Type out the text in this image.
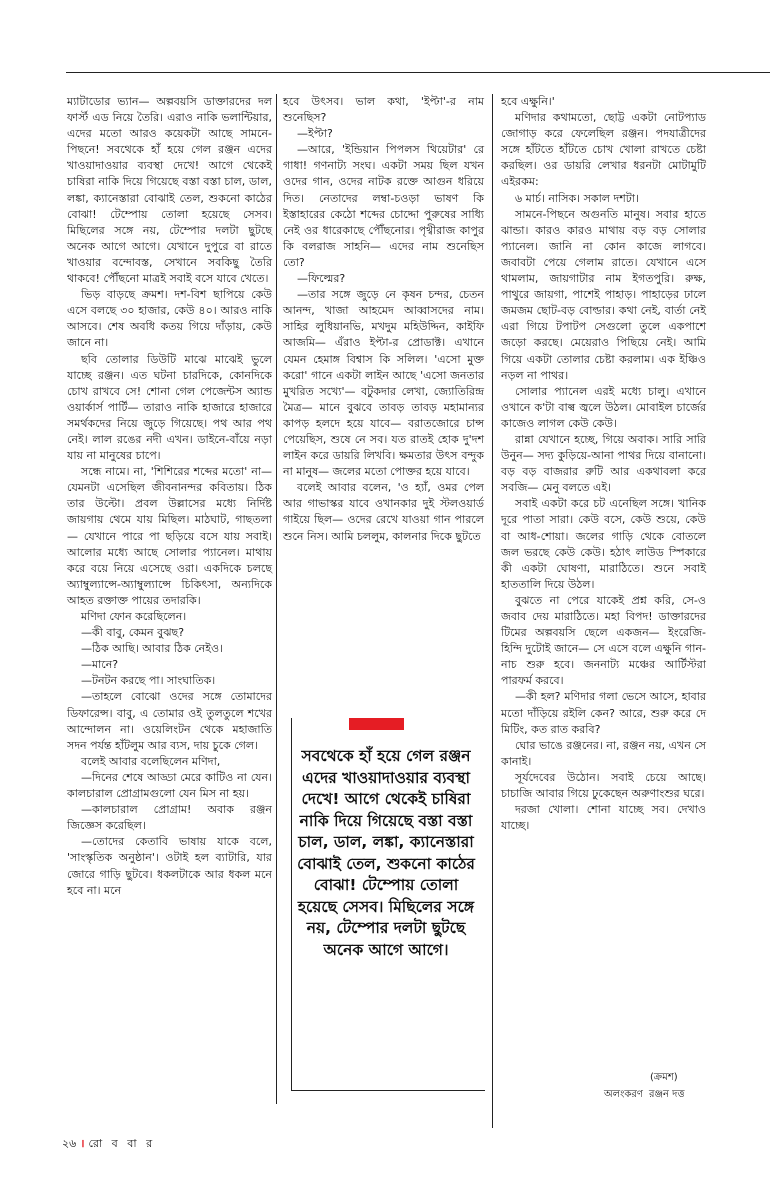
ম্যাটাডোর ভ্যান— অল্পবয়সি ডাক্তারদের দল ফার্স্ট এড নিয়ে তৈরি। এরাও নাকি ভলান্টিয়ার, এদের মতো আরও কয়েকটা আছে সামনে-পিছনে! সবথেকে হাঁ হয়ে গেল রঞ্জন এদের খাওয়াদাওয়ার ব্যবস্থা দেখে! আগে থেকেই চাষিরা নাকি দিয়ে গিয়েছে বস্তা বস্তা চাল, ডাল, লঙ্কা, ক্যানেস্তারা বোঝাই তেল, শুকনো কাঠের বোঝা! টেম্পোয় তোলা হয়েছে সেসব। মিছিলের সঙ্গে নয়, টেম্পোর দলটা ছুটছে অনেক আগে আগে। যেখানে দুপুরে বা রাতে খাওয়ার বন্দোবস্ত, সেখানে সবকিছু তৈরি থাকবে! পৌঁছনো মাত্রই সবাই বসে যাবে খেতে।

ভিড় বাড়ছে ক্রমশ। দশ-বিশ ছাপিয়ে কেউ এসে বলছে ৩০ হাজার, কেউ ৪০। আরও নাকি আসবে। শেষ অবধি কতয় গিয়ে দাঁড়ায়, কেউ জানে না।

ছবি তোলার ডিউটি মাঝে মাঝেই ভুলে যাচ্ছে রঞ্জন। এত ঘটনা চারদিকে, কোনদিকে চোখ রাখবে সে! শোনা গেল পেজেন্টস অ্যান্ড ওয়ার্কার্স পার্টি— তারাও নাকি হাজারে হাজারে সমর্থকদের নিয়ে জুড়ে গিয়েছে। পথ আর পথ নেই। লাল রঙের নদী এখন। ডাইনে-বাঁয়ে নড়া যায় না মানুষের চাপে।

সন্ধে নামে। না, 'শিশিরের শব্দের মতো' না— যেমনটা এসেছিল জীবনানন্দর কবিতায়। ঠিক তার উল্টো। প্রবল উল্লাসের মধ্যে নির্দিষ্ট জায়গায় থেমে যায় মিছিল। মাঠঘাট, গাছতলা— যেখানে পারে পা ছড়িয়ে বসে যায় সবাই। আলোর মধ্যে আছে সোলার প্যানেল। মাথায় করে বয়ে নিয়ে এসেছে ওরা। একদিকে চলছে অ্যাম্বুল্যান্সে-অ্যাম্বুল্যান্সে চিকিৎসা, অন্যদিকে আহত রক্তাক্ত পায়ের তদারকি।

মণিদা ফোন করেছিলেন।

—কী বাবু, কেমন বুঝছ?

—ঠিক আছি। আবার ঠিক নেইও।

—মানে?

—টনটন করছে পা। সাংঘাতিক।

—তাহলে বোঝো ওদের সঙ্গে তোমাদের ডিফারেন্স। বাবু, এ তোমার ওই তুলতুলে শখের আন্দোলন না। ওয়েলিংটন থেকে মহাজাতি সদন পর্যন্ত হাঁটলুম আর ব্যস, দায় চুকে গেল।

বলেই আবার বলেছিলেন মণিদা,

—দিনের শেষে আড্ডা মেরে কাটিও না যেন। কালচারাল প্রোগ্রামগুলো যেন মিস না হয়।

—কালচারাল প্রোগ্রাম! অবাক রঞ্জন জিজ্ঞেস করেছিল।

—তোদের কেতাবি ভাষায় যাকে বলে, 'সাংস্কৃতিক অনুষ্ঠান'। ওটাই হল ব্যাটারি, যার জোরে গাড়ি ছুটবে। ধকলটাকে আর ধকল মনে হবে না। মনে

হবে উৎসব। ভাল কথা, 'ইপ্টা'-র নাম শুনেছিস?

—ইপ্টা?

—আরে, 'ইন্ডিয়ান পিপলস থিয়েটার' রে গাধা! গণনাট্য সংঘ। একটা সময় ছিল যখন ওদের গান, ওদের নাটক রক্তে আগুন ধরিয়ে দিত। নেতাদের লম্বা-চওড়া ভাষণ কি ইস্তাহারের কেঠো শব্দের চোদ্দো পুরুষের সাধ্যি নেই ওর ধারেকাছে পৌঁছনোর। পৃথ্বীরাজ কাপুর কি বলরাজ সাহনি— এদের নাম শুনেছিস তো?

—ফিল্মের?

—তার সঙ্গে জুড়ে নে কৃষন চন্দর, চেতন আনন্দ, খাজা আহমেদ আব্বাসদের নাম। সাহির লুধিয়ানভি, মখদুম মহিউদ্দিন, কাইফি আজমি— এঁরাও ইপ্টা-র প্রোডাক্ট। এখানে যেমন হেমাঙ্গ বিশ্বাস কি সলিল। 'এসো মুক্ত করো' গানে একটা লাইন আছে 'এসো জনতার মুখরিত সখ্যে'— বটুকদার লেখা, জ্যোতিরিন্দ্র মৈত্র— মানে বুঝবে তাবড় তাবড় মহামান্যর কাপড় হলদে হয়ে যাবে— বরাতজোরে চান্স পেয়েছিস, শুষে নে সব। যত রাতই হোক দু'দশ লাইন করে ডায়রি লিখবি। ক্ষমতার উৎস বন্দুক না মানুষ— জলের মতো পোক্তর হয়ে যাবে।

বলেই আবার বলেন, 'ও হ্যাঁ, ওমর পেল আর গাভাস্কর যাবে ওখানকার দুই স্টলওয়ার্ড গাইয়ে ছিল— ওদের রেখে যাওয়া গান পারলে শুনে নিস। আমি চললুম, কালনার দিকে ছুটতে

হবে এক্ষুনি।'

মণিদার কথামতো, ছোট্ট একটা নোটপ্যাড জোগাড় করে ফেলেছিল রঞ্জন। পদযাত্রীদের সঙ্গে হাঁটতে হাঁটতে চোখ খোলা রাখতে চেষ্টা করছিল। ওর ডায়রি লেখার ধরনটা মোটামুটি এইরকম:

৬ মার্চ। নাসিক। সকাল দশটা।

সামনে-পিছনে অগুনতি মানুষ। সবার হাতে ঝান্ডা। কারও কারও মাথায় বড় বড় সোলার প্যানেল। জানি না কোন কাজে লাগবে। জবাবটা পেয়ে গেলাম রাতে। যেখানে এসে থামলাম, জায়গাটার নাম ইগতপুরি। রুক্ষ, পাথুরে জায়গা, পাশেই পাহাড়। পাহাড়ের ঢালে জমজম ছোট-বড় বোল্ডার। কথা নেই, বার্তা নেই এরা গিয়ে টপাটপ সেগুলো তুলে একপাশে জড়ো করছে। মেয়েরাও পিছিয়ে নেই। আমি গিয়ে একটা তোলার চেষ্টা করলাম। এক ইঞ্চিও নড়ল না পাথর।

সোলার প্যানেল এরই মধ্যে চালু। এখানে ওখানে ক'টা বাল্ব জ্বলে উঠল। মোবাইল চার্জের কাজেও লাগল কেউ কেউ।

রান্না যেখানে হচ্ছে, গিয়ে অবাক। সারি সারি উনুন— সদ্য কুড়িয়ে-আনা পাথর দিয়ে বানানো। বড় বড় বাজরার রুটি আর একথাবলা করে সবজি— মেনু বলতে এই।

সবাই একটা করে চট এনেছিল সঙ্গে। খানিক দূরে পাতা সারা। কেউ বসে, কেউ শুয়ে, কেউ বা আধ-শোয়া। জলের গাড়ি থেকে বোতলে জল ভরছে কেউ কেউ। হঠাৎ লাউড স্পিকারে কী একটা ঘোষণা, মারাঠিতে। শুনে সবাই হাততালি দিয়ে উঠল।

বুঝতে না পেরে যাকেই প্রশ্ন করি, সে-ও জবাব দেয় মারাঠিতে। মহা বিপদ! ডাক্তারদের টিমের অল্পবয়সি ছেলে একজন— ইংরেজি-হিন্দি দুটোই জানে— সে এসে বলে এক্ষুনি গান-নাচ শুরু হবে। জননাট্য মঞ্চের আর্টিস্টরা পারফর্ম করবে।

—কী হল? মণিদার গলা ভেসে আসে, হাবার মতো দাঁড়িয়ে রইলি কেন? আরে, শুরু করে দে মিটিং, কত রাত করবি?

ঘোর ভাঙে রঞ্জনের। না, রঞ্জন নয়, এখন সে কানাই।

সূর্যদেবের উঠোন। সবাই চেয়ে আছে। চাচাজি আবার গিয়ে ঢুকেছেন অরুণাংশুর ঘরে।

দরজা খোলা। শোনা যাচ্ছে সব। দেখাও যাচ্ছে।

সবথেকে হাঁ হয়ে গেল রঞ্জন এদের খাওয়াদাওয়ার ব্যবস্থা দেখে! আগে থেকেই চাষিরা নাকি দিয়ে গিয়েছে বস্তা বস্তা চাল, ডাল, লঙ্কা, ক্যানেস্তারা বোঝাই তেল, শুকনো কাঠের বোঝা! টেম্পোয় তোলা হয়েছে সেসব। মিছিলের সঙ্গে নয়, টেম্পোর দলটা ছুটছে অনেক আগে আগে।
(ক্রমশ)
অলংকরণ রঞ্জন দত্ত
২৬ । রো ব বা র
